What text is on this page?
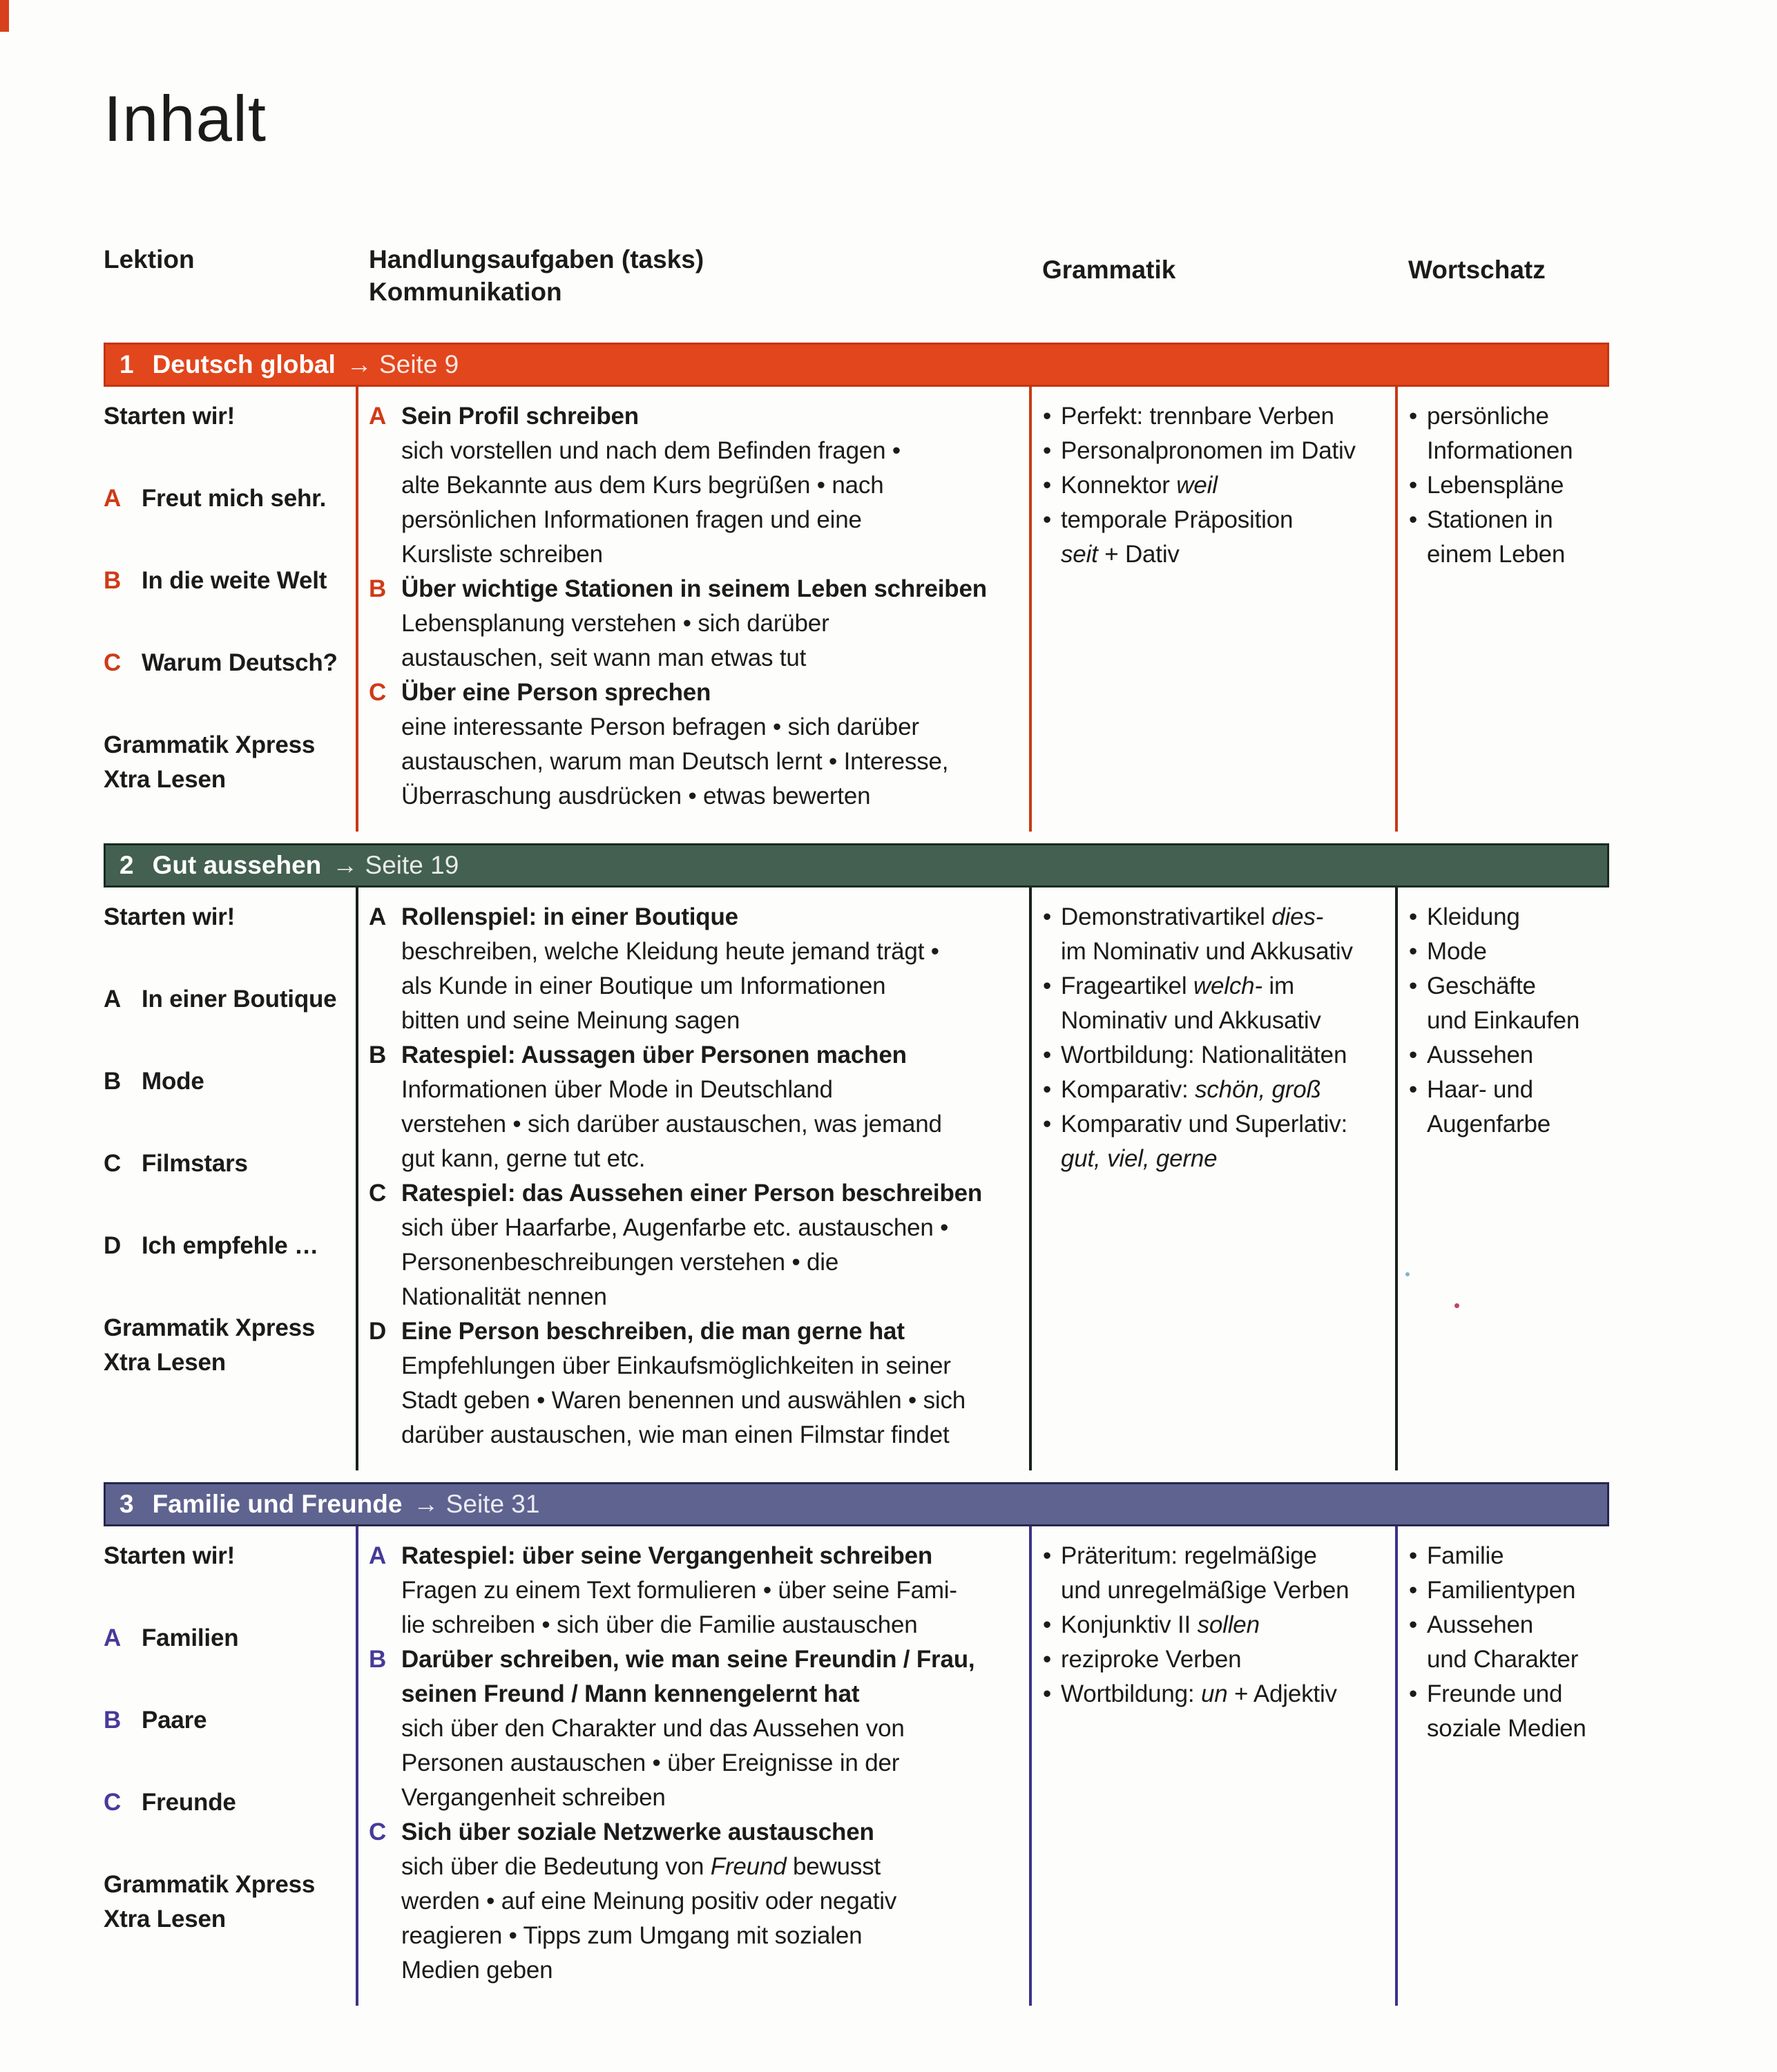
Inhalt
Lektion	Handlungsaufgaben (tasks)
Kommunikation
Grammatik	Wortschatz
1 Deutsch global → Seite 9
Starten wir!
A Freut mich sehr.
B In die weite Welt
C Warum Deutsch?
Grammatik Xpress
Xtra Lesen
A Sein Profil schreiben
sich vorstellen und nach dem Befinden fragen •
alte Bekannte aus dem Kurs begrüßen • nach
persönlichen Informationen fragen und eine
Kursliste schreiben
B Über wichtige Stationen in seinem Leben schreiben
Lebensplanung verstehen • sich darüber
austauschen, seit wann man etwas tut
C Über eine Person sprechen
eine interessante Person befragen • sich darüber
austauschen, warum man Deutsch lernt • Interesse,
Überraschung ausdrücken • etwas bewerten
• Perfekt: trennbare Verben
• Personalpronomen im Dativ
• Konnektor weil
• temporale Präposition
seit + Dativ
• persönliche
Informationen
• Lebenspläne
• Stationen in
einem Leben
2 Gut aussehen → Seite 19
Starten wir!
A In einer Boutique
B Mode
C Filmstars
D Ich empfehle …
Grammatik Xpress
Xtra Lesen
A Rollenspiel: in einer Boutique
beschreiben, welche Kleidung heute jemand trägt •
als Kunde in einer Boutique um Informationen
bitten und seine Meinung sagen
B Ratespiel: Aussagen über Personen machen
Informationen über Mode in Deutschland
verstehen • sich darüber austauschen, was jemand
gut kann, gerne tut etc.
C Ratespiel: das Aussehen einer Person beschreiben
sich über Haarfarbe, Augenfarbe etc. austauschen •
Personenbeschreibungen verstehen • die
Nationalität nennen
D Eine Person beschreiben, die man gerne hat
Empfehlungen über Einkaufsmöglichkeiten in seiner
Stadt geben • Waren benennen und auswählen • sich
darüber austauschen, wie man einen Filmstar findet
• Demonstrativartikel dies-
im Nominativ und Akkusativ
• Frageartikel welch- im
Nominativ und Akkusativ
• Wortbildung: Nationalitäten
• Komparativ: schön, groß
• Komparativ und Superlativ:
gut, viel, gerne
• Kleidung
• Mode
• Geschäfte
und Einkaufen
• Aussehen
• Haar- und
Augenfarbe
3 Familie und Freunde → Seite 31
Starten wir!
A Familien
B Paare
C Freunde
Grammatik Xpress
Xtra Lesen
A Ratespiel: über seine Vergangenheit schreiben
Fragen zu einem Text formulieren • über seine Fami-
lie schreiben • sich über die Familie austauschen
B Darüber schreiben, wie man seine Freundin / Frau,
seinen Freund / Mann kennengelernt hat
sich über den Charakter und das Aussehen von
Personen austauschen • über Ereignisse in der
Vergangenheit schreiben
C Sich über soziale Netzwerke austauschen
sich über die Bedeutung von Freund bewusst
werden • auf eine Meinung positiv oder negativ
reagieren • Tipps zum Umgang mit sozialen
Medien geben
• Präteritum: regelmäßige
und unregelmäßige Verben
• Konjunktiv II sollen
• reziproke Verben
• Wortbildung: un + Adjektiv
• Familie
• Familientypen
• Aussehen
und Charakter
• Freunde und
soziale Medien
